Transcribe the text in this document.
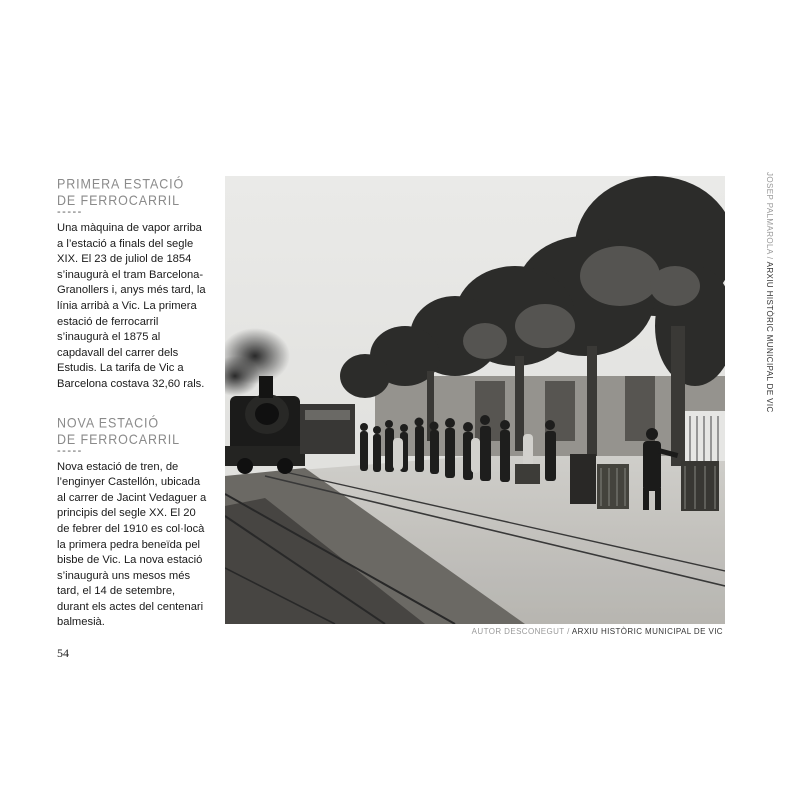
PRIMERA ESTACIÓ
DE FERROCARRIL
-----

Una màquina de vapor arriba a l’estació a finals del segle XIX. El 23 de juliol de 1854 s’inaugurà el tram Barcelona-Granollers i, anys més tard, la línia arribà a Vic. La primera estació de ferrocarril s’inaugurà el 1875 al capdavall del carrer dels Estudis. La tarifa de Vic a Barcelona costava 32,60 rals.

NOVA ESTACIÓ
DE FERROCARRIL
-----

Nova estació de tren, de l’enginyer Castellón, ubicada al carrer de Jacint Vedaguer a principis del segle XX. El 20 de febrer del 1910 es col·locà la primera pedra beneïda pel bisbe de Vic. La nova estació s’inaugurà uns mesos més tard, el 14 de setembre, durant els actes del centenari balmesià.

54
AUTOR DESCONEGUT / ARXIU HISTÒRIC MUNICIPAL DE VIC
JOSEP PALMAROLA / ARXIU HISTÒRIC MUNICIPAL DE VIC
